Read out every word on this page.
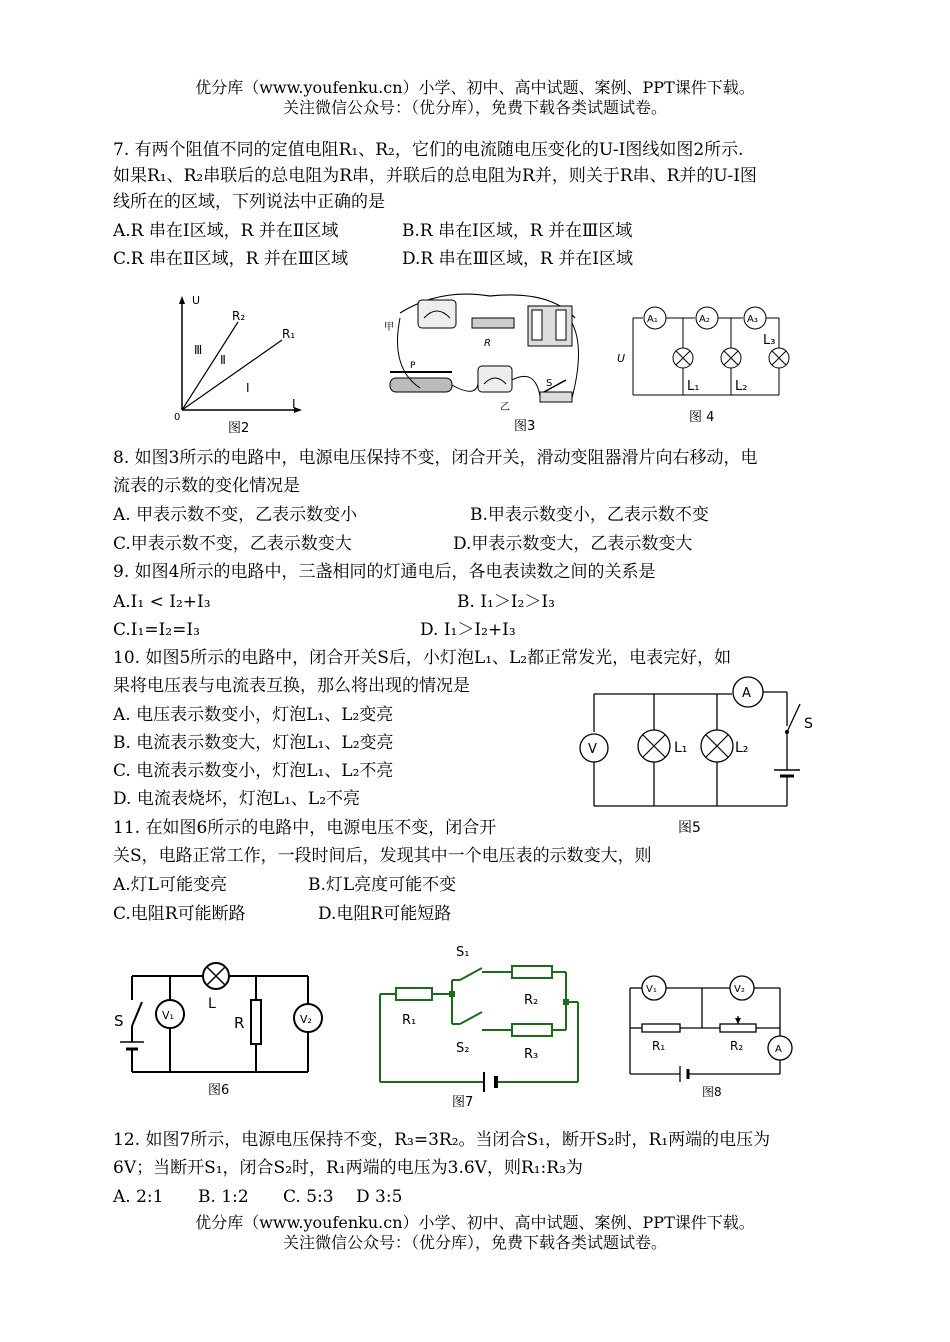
优分库（www.youfenku.cn）小学、初中、高中试题、案例、PPT课件下载。
关注微信公众号：（优分库），免费下载各类试题试卷。
7. 有两个阻值不同的定值电阻R₁、R₂，它们的电流随电压变化的U-I图线如图2所示.
如果R₁、R₂串联后的总电阻为R串，并联后的总电阻为R并，则关于R串、R并的U-I图
线所在的区域，下列说法中正确的是
A.R 串在Ⅰ区域，R 并在Ⅱ区域	B.R 串在Ⅰ区域，R 并在Ⅲ区域
C.R 串在Ⅱ区域，R 并在Ⅲ区域	D.R 串在Ⅲ区域，R 并在Ⅰ区域
U
I
0
R₂
R₁
Ⅲ
Ⅱ
Ⅰ
图2
甲
R
乙
P
S
图3
A₁	A₂	A₃
U
L₁	L₂
L₃
图 4
8. 如图3所示的电路中，电源电压保持不变，闭合开关，滑动变阻器滑片向右移动，电
流表的示数的变化情况是
A. 甲表示数不变，乙表示数变小	B.甲表示数变小，乙表示数不变
C.甲表示数不变，乙表示数变大	D.甲表示数变大，乙表示数变大
9. 如图4所示的电路中，三盏相同的灯通电后，各电表读数之间的关系是
A.I₁ < I₂+I₃	B. I₁＞I₂＞I₃
C.I₁=I₂=I₃	D. I₁＞I₂+I₃
10. 如图5所示的电路中，闭合开关S后，小灯泡L₁、L₂都正常发光，电表完好，如
果将电压表与电流表互换，那么将出现的情况是
A. 电压表示数变小，灯泡L₁、L₂变亮
B. 电流表示数变大，灯泡L₁、L₂变亮
C. 电流表示数变小，灯泡L₁、L₂不亮
D. 电流表烧坏，灯泡L₁、L₂不亮
A
S
V	L₁	L₂
图5
11. 在如图6所示的电路中，电源电压不变，闭合开
关S，电路正常工作，一段时间后，发现其中一个电压表的示数变大，则
A.灯L可能变亮	B.灯L亮度可能不变
C.电阻R可能断路	D.电阻R可能短路
L
S	V₁	R	V₂
图6
S₁
S₂
R₁
R₂
R₃
图7
V₁	V₂
A
R₁	R₂
图8
12. 如图7所示，电源电压保持不变，R₃=3R₂。当闭合S₁，断开S₂时，R₁两端的电压为
6V；当断开S₁，闭合S₂时，R₁两端的电压为3.6V，则R₁:R₃为
A. 2:1 B. 1:2 C. 5:3 D 3:5
优分库（www.youfenku.cn）小学、初中、高中试题、案例、PPT课件下载。
关注微信公众号：（优分库），免费下载各类试题试卷。
